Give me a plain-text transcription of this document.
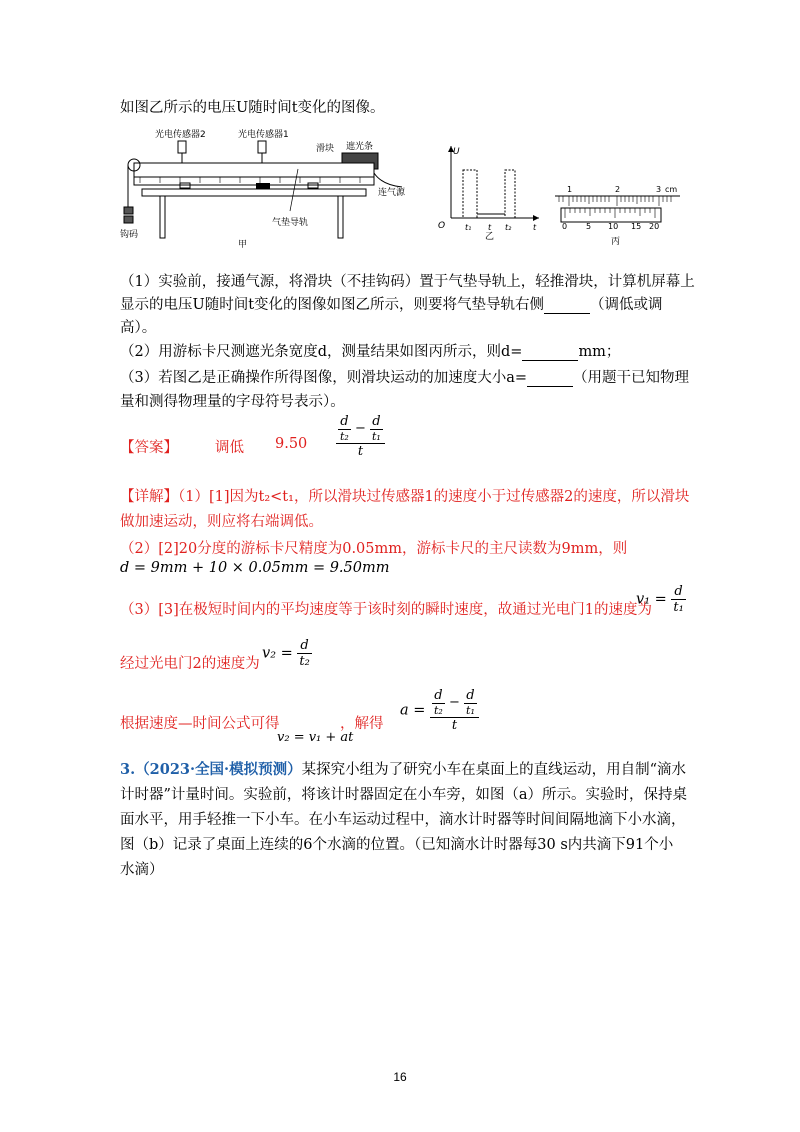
如图乙所示的电压U随时间t变化的图像。
光电传感器2	光电传感器1
滑块 遮光条
钩码
连气源
气垫导轨
甲
U
O t₁ t t₂	t
乙
1	2	3 cm
0 5 10 15 20
丙
（1）实验前，接通气源，将滑块（不挂钩码）置于气垫导轨上，轻推滑块，计算机屏幕上
显示的电压U随时间t变化的图像如图乙所示，则要将气垫导轨右侧	（调低或调
高）。
（2）用游标卡尺测遮光条宽度d，测量结果如图丙所示，则d=	mm；
（3）若图乙是正确操作所得图像，则滑块运动的加速度大小a=	（用题干已知物理
量和测得物理量的字母符号表示）。
【答案】	调低 $9.50 \frac{\frac{d}{\text{t₂}} - \frac{d}{\text{t₁}}}{t}$
【详解】（1）[1]因为t₂<t₁，所以滑块过传感器1的速度小于过传感器2的速度，所以滑块
做加速运动，则应将右端调低。
（2）[2]20分度的游标卡尺精度为0.05mm，游标卡尺的主尺读数为9mm，则
d = 9mm + 10 × 0.05mm = 9.50mm
（3）[3]在极短时间内的平均速度等于该时刻的瞬时速度，故通过光电门1的速度为
$v_1 = \frac{d}{\text{t₁}}$
经过光电门2的速度为
$v_2 = \frac{d}{\text{t₂}}$
根据速度—时间公式可得
v₂ = v₁ + at
，解得
$a = \frac{\frac{d}{\text{t₂}} - \frac{d}{\text{t₁}}}{t}$
3.（2023·全国·模拟预测）某探究小组为了研究小车在桌面上的直线运动，用自制“滴水
计时器”计量时间。实验前，将该计时器固定在小车旁，如图（a）所示。实验时，保持桌
面水平，用手轻推一下小车。在小车运动过程中，滴水计时器等时间间隔地滴下小水滴，
图（b）记录了桌面上连续的6个水滴的位置。（已知滴水计时器每30 s内共滴下91个小
水滴）
16
